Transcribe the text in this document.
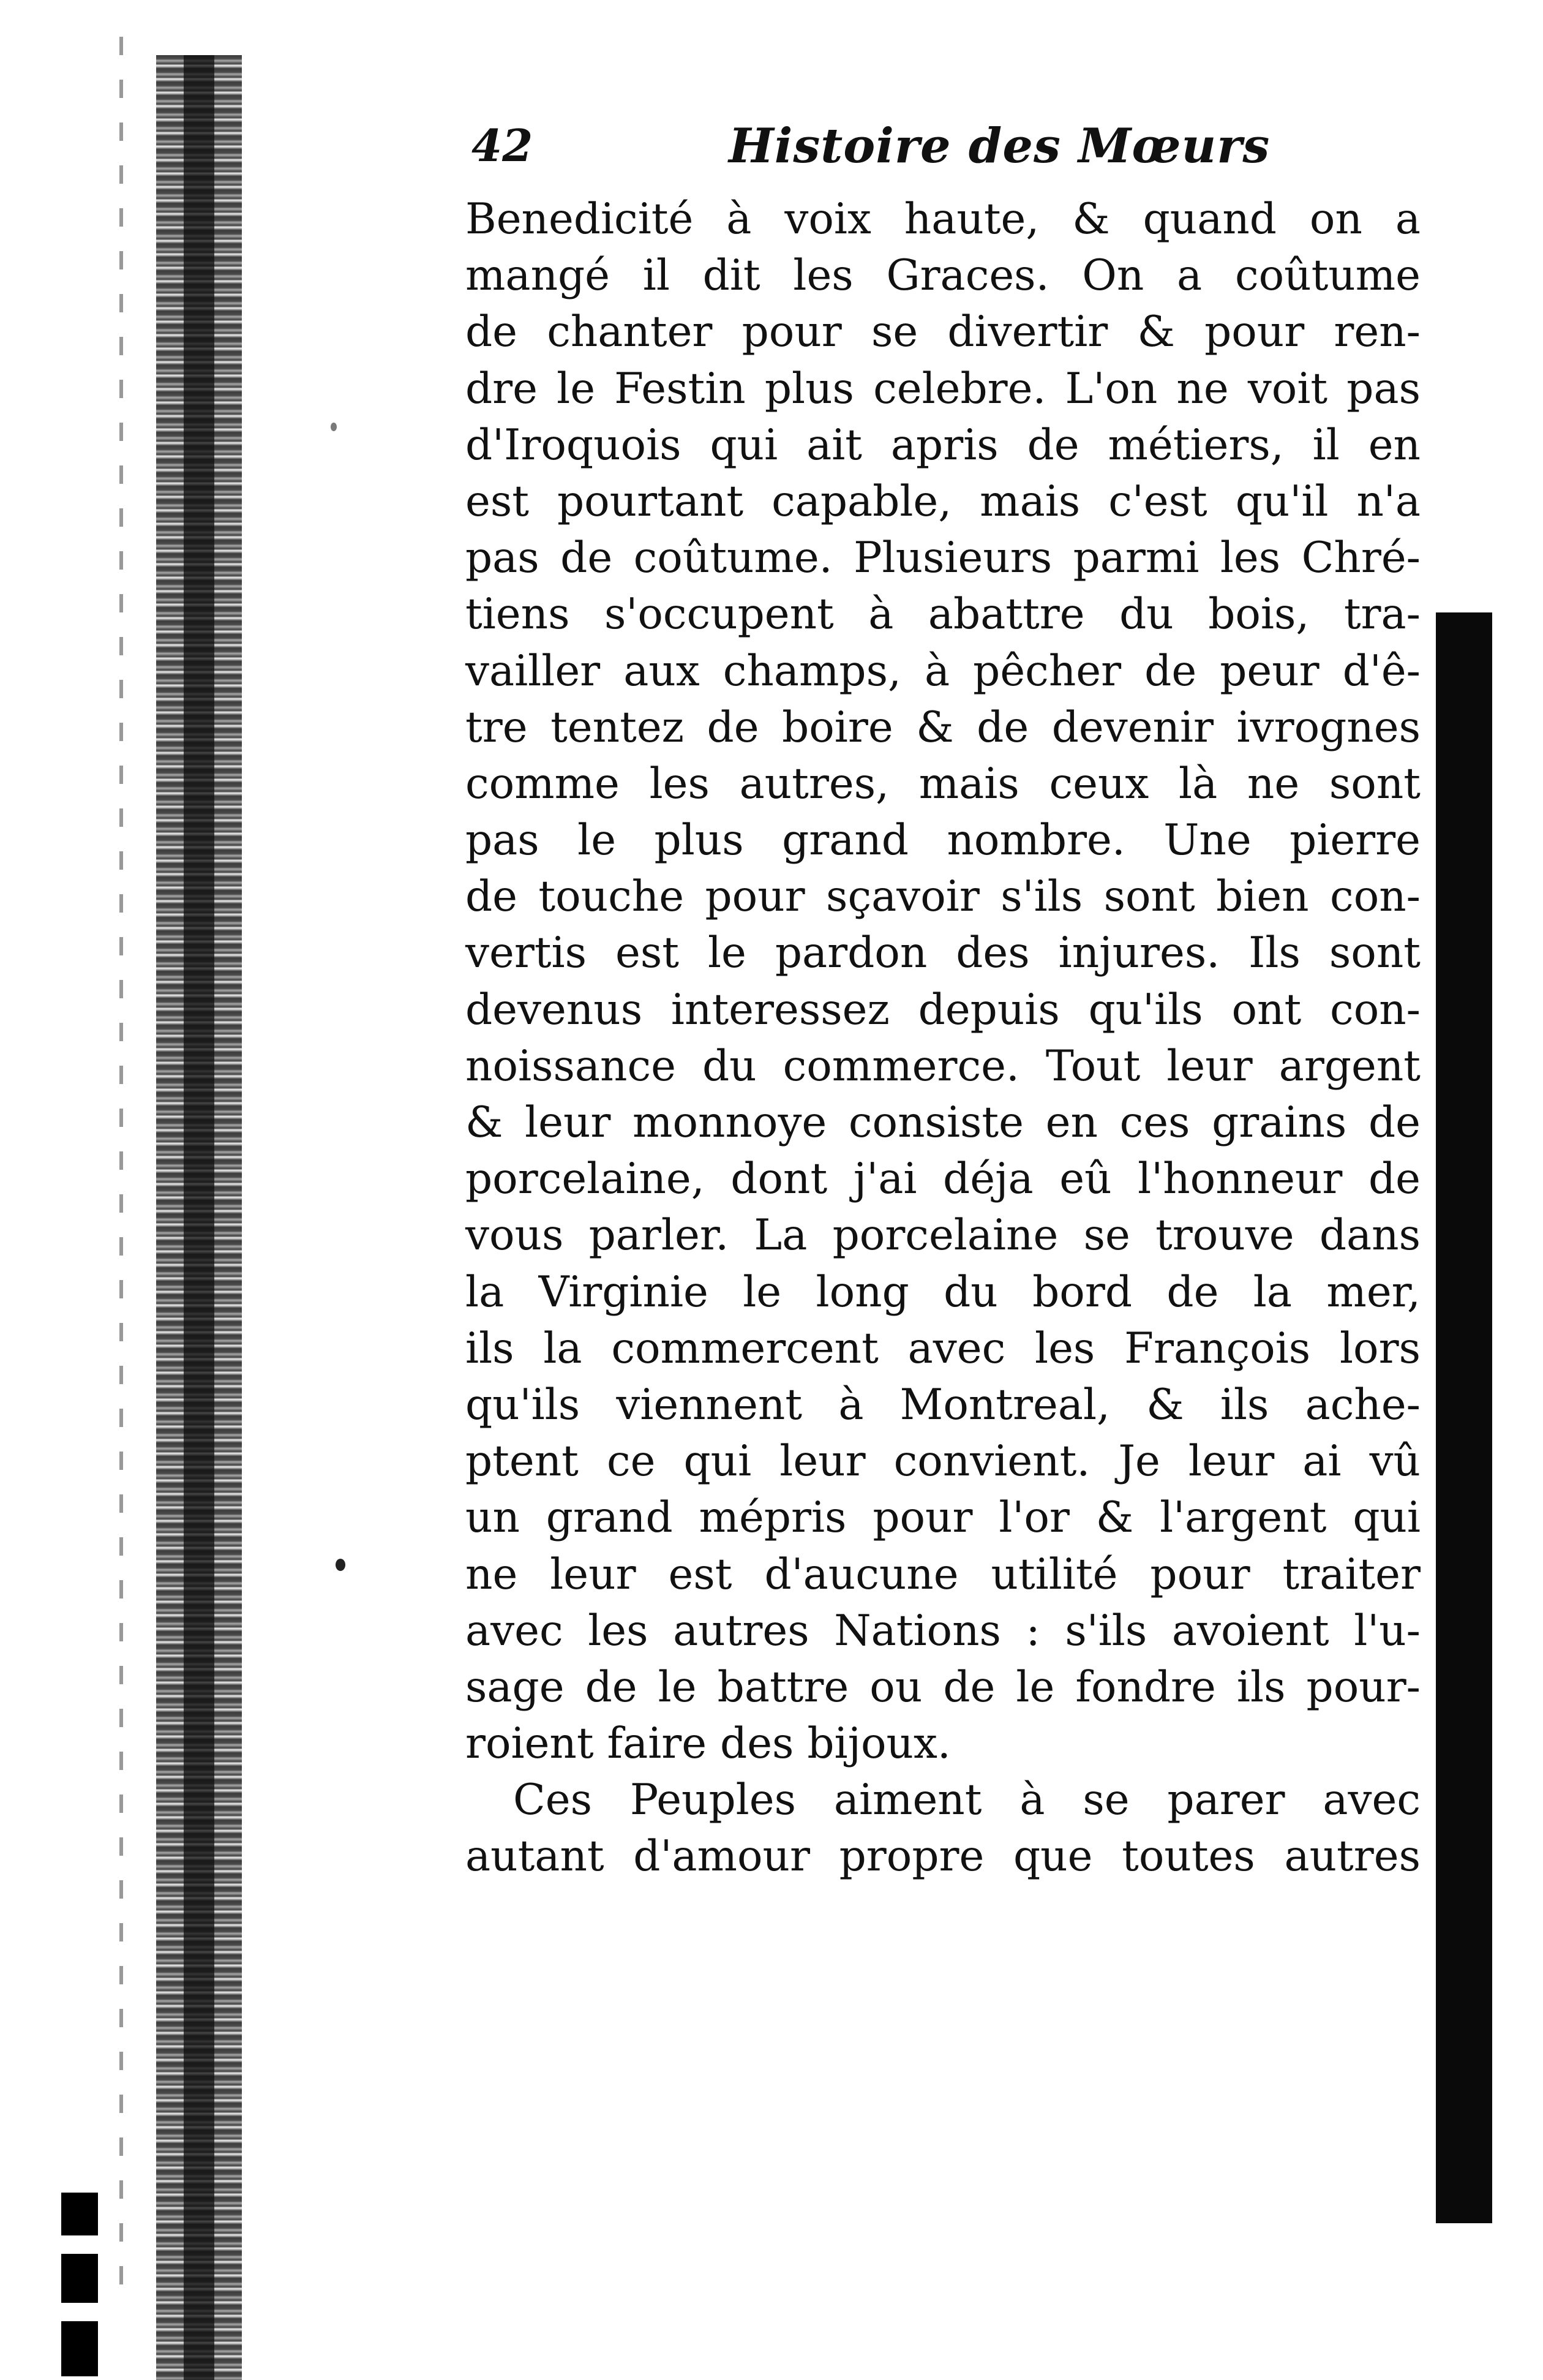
42	Histoire des Mœurs
Benedicité à voix haute, & quand on a
mangé il dit les Graces. On a coûtume
de chanter pour se divertir & pour ren-
dre le Festin plus celebre. L'on ne voit pas
d'Iroquois qui ait apris de métiers, il en
est pourtant capable, mais c'est qu'il n'a
pas de coûtume. Plusieurs parmi les Chré-
tiens s'occupent à abattre du bois, tra-
vailler aux champs, à pêcher de peur d'ê-
tre tentez de boire & de devenir ivrognes
comme les autres, mais ceux là ne sont
pas le plus grand nombre. Une pierre
de touche pour sçavoir s'ils sont bien con-
vertis est le pardon des injures. Ils sont
devenus interessez depuis qu'ils ont con-
noissance du commerce. Tout leur argent
& leur monnoye consiste en ces grains de
porcelaine, dont j'ai déja eû l'honneur de
vous parler. La porcelaine se trouve dans
la Virginie le long du bord de la mer,
ils la commercent avec les François lors
qu'ils viennent à Montreal, & ils ache-
ptent ce qui leur convient. Je leur ai vû
un grand mépris pour l'or & l'argent qui
ne leur est d'aucune utilité pour traiter
avec les autres Nations : s'ils avoient l'u-
sage de le battre ou de le fondre ils pour-
roient faire des bijoux.
Ces Peuples aiment à se parer avec
autant d'amour propre que toutes autres
